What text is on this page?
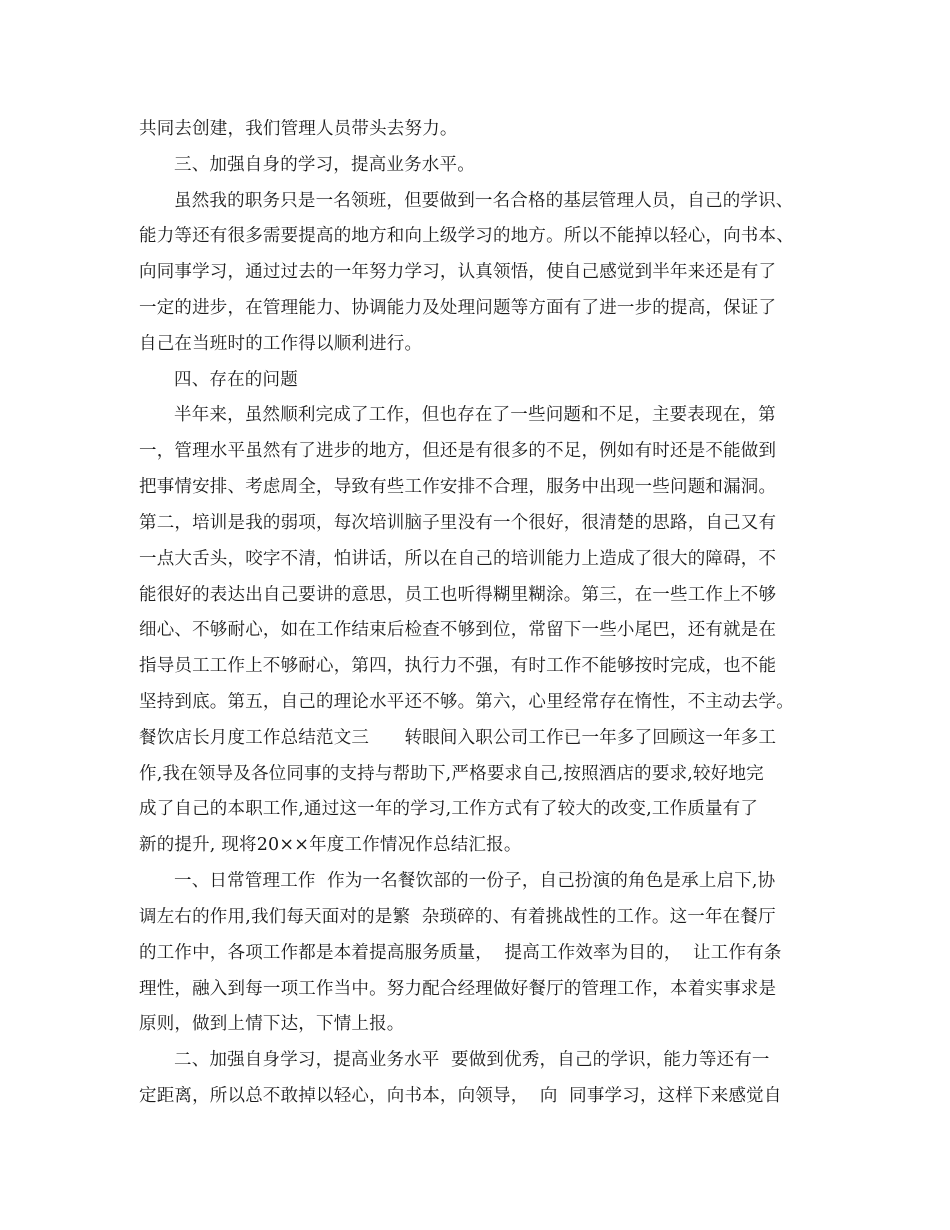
共同去创建，我们管理人员带头去努力。
三、加强自身的学习，提高业务水平。
虽然我的职务只是一名领班，但要做到一名合格的基层管理人员，自己的学识、
能力等还有很多需要提高的地方和向上级学习的地方。所以不能掉以轻心，向书本、
向同事学习，通过过去的一年努力学习，认真领悟，使自己感觉到半年来还是有了
一定的进步，在管理能力、协调能力及处理问题等方面有了进一步的提高，保证了
自己在当班时的工作得以顺利进行。
四、存在的问题
半年来，虽然顺利完成了工作，但也存在了一些问题和不足，主要表现在，第
一，管理水平虽然有了进步的地方，但还是有很多的不足，例如有时还是不能做到
把事情安排、考虑周全，导致有些工作安排不合理，服务中出现一些问题和漏洞。
第二，培训是我的弱项，每次培训脑子里没有一个很好，很清楚的思路，自己又有
一点大舌头，咬字不清，怕讲话，所以在自己的培训能力上造成了很大的障碍，不
能很好的表达出自己要讲的意思，员工也听得糊里糊涂。第三，在一些工作上不够
细心、不够耐心，如在工作结束后检查不够到位，常留下一些小尾巴，还有就是在
指导员工工作上不够耐心，第四，执行力不强，有时工作不能够按时完成，也不能
坚持到底。第五，自己的理论水平还不够。第六，心里经常存在惰性，不主动去学。
餐饮店长月度工作总结范文三　　转眼间入职公司工作已一年多了回顾这一年多工
作,我在领导及各位同事的支持与帮助下,严格要求自己,按照酒店的要求,较好地完
成了自己的本职工作,通过这一年的学习,工作方式有了较大的改变,工作质量有了
新的提升, 现将20××年度工作情况作总结汇报。
一、日常管理工作  作为一名餐饮部的一份子，自己扮演的角色是承上启下,协
调左右的作用,我们每天面对的是繁  杂琐碎的、有着挑战性的工作。这一年在餐厅
的工作中，各项工作都是本着提高服务质量，  提高工作效率为目的，  让工作有条
理性，融入到每一项工作当中。努力配合经理做好餐厅的管理工作，本着实事求是
原则，做到上情下达，下情上报。
二、加强自身学习，提高业务水平  要做到优秀，自己的学识，能力等还有一
定距离，所以总不敢掉以轻心，向书本，向领导，  向  同事学习，这样下来感觉自
